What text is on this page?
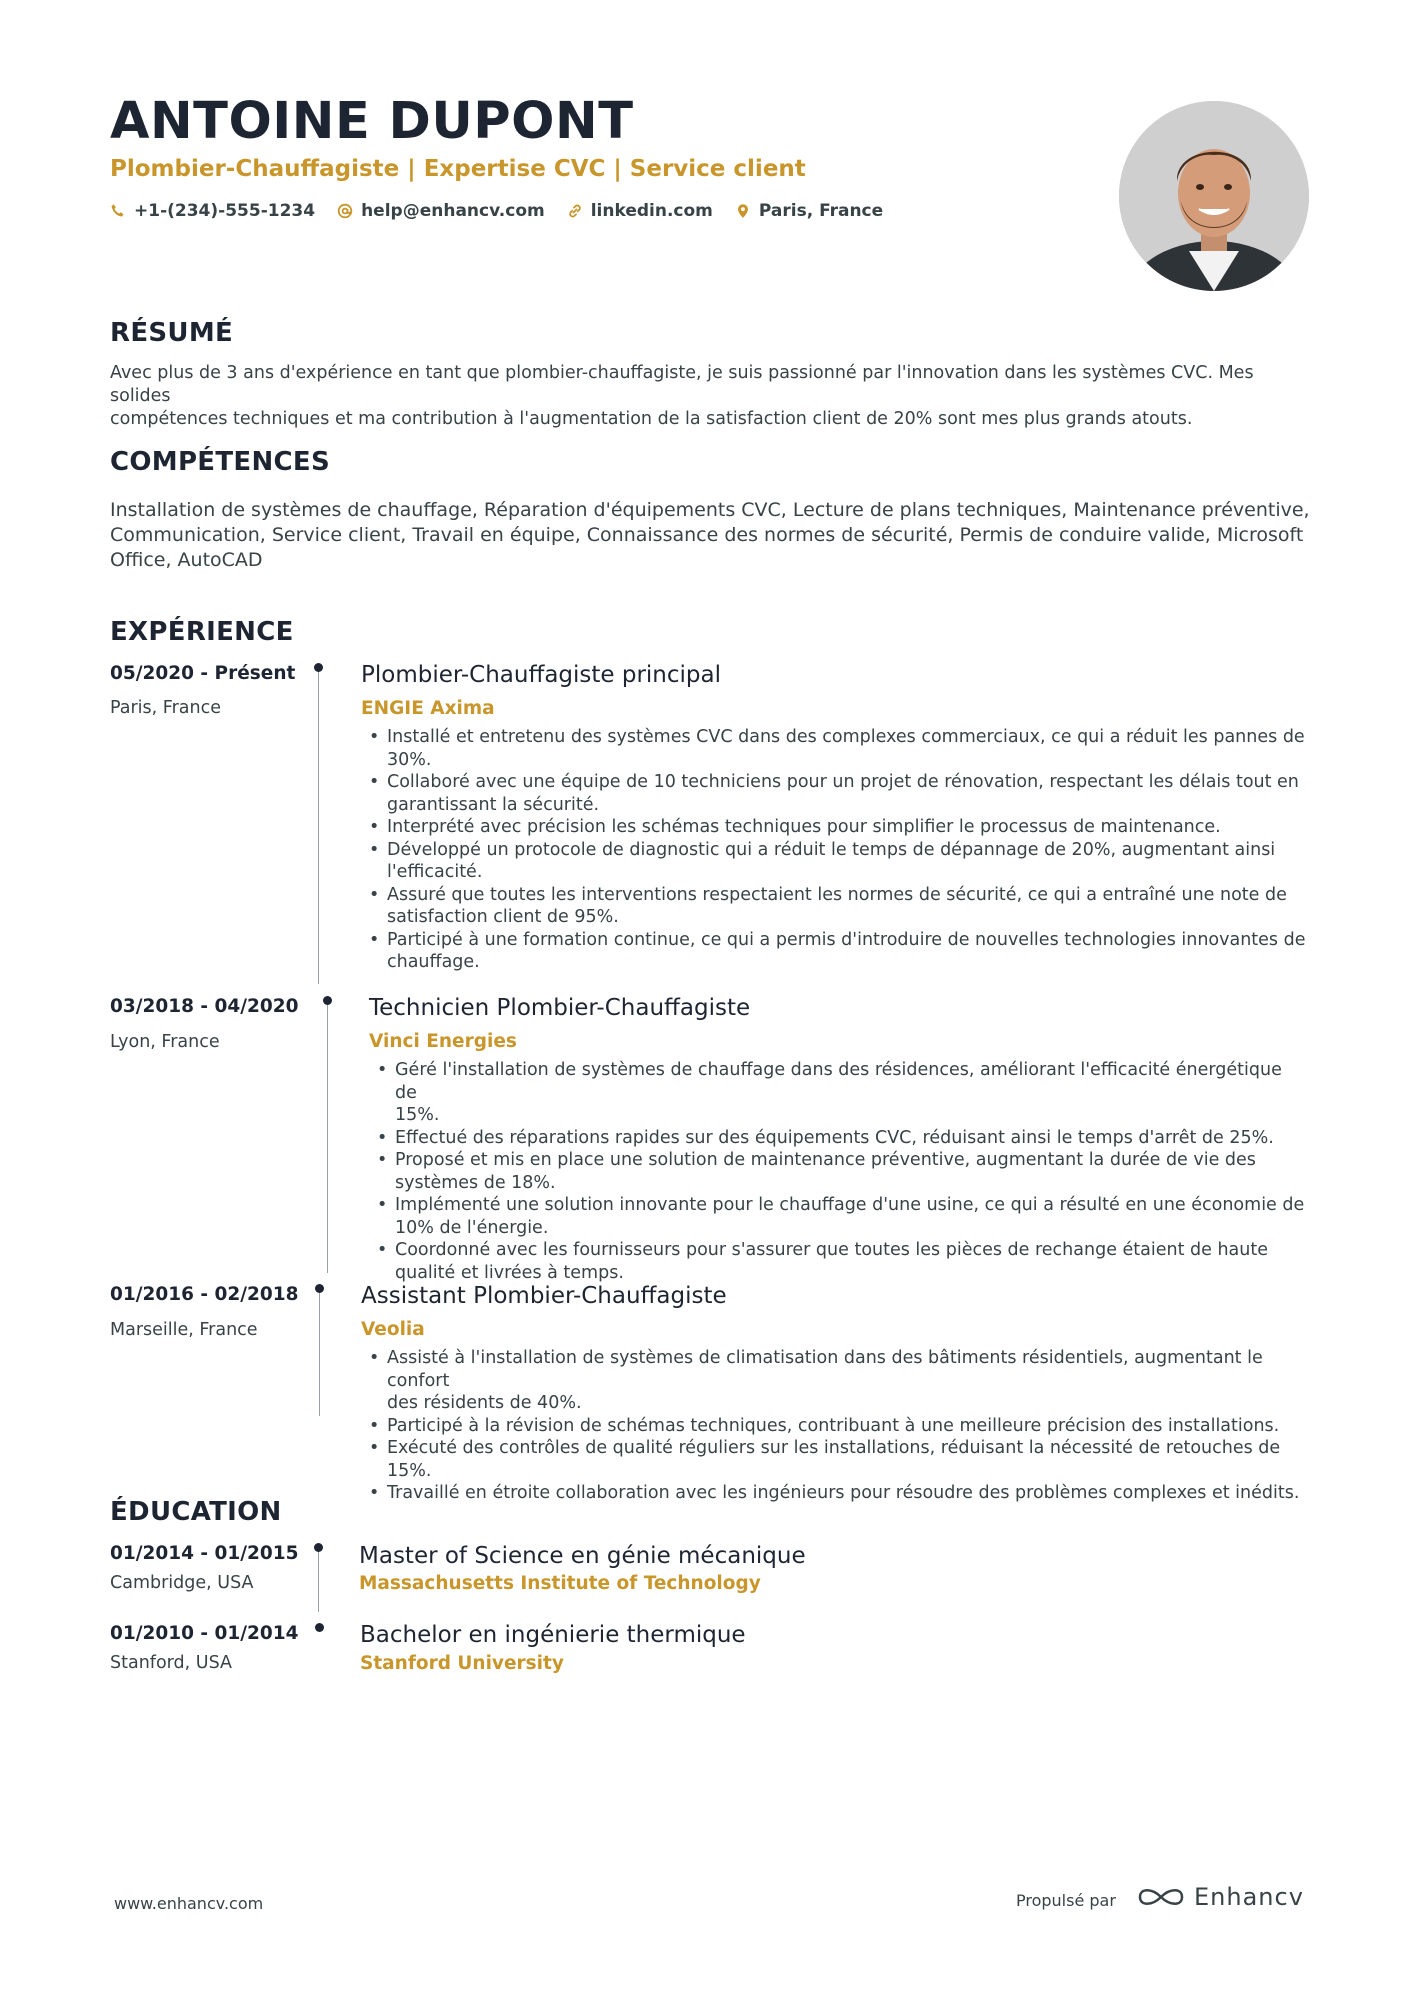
ANTOINE DUPONT
Plombier-Chauffagiste | Expertise CVC | Service client
+1-(234)-555-1234	help@enhancv.com	linkedin.com	Paris, France
RÉSUMÉ
Avec plus de 3 ans d'expérience en tant que plombier-chauffagiste, je suis passionné par l'innovation dans les systèmes CVC. Mes solides
compétences techniques et ma contribution à l'augmentation de la satisfaction client de 20% sont mes plus grands atouts.
COMPÉTENCES
Installation de systèmes de chauffage, Réparation d'équipements CVC, Lecture de plans techniques, Maintenance préventive,
Communication, Service client, Travail en équipe, Connaissance des normes de sécurité, Permis de conduire valide, Microsoft
Office, AutoCAD
EXPÉRIENCE
05/2020 - Présent
Paris, France
Plombier-Chauffagiste principal
ENGIE Axima
• Installé et entretenu des systèmes CVC dans des complexes commerciaux, ce qui a réduit les pannes de
30%.
• Collaboré avec une équipe de 10 techniciens pour un projet de rénovation, respectant les délais tout en
garantissant la sécurité.
• Interprété avec précision les schémas techniques pour simplifier le processus de maintenance.
• Développé un protocole de diagnostic qui a réduit le temps de dépannage de 20%, augmentant ainsi
l'efficacité.
• Assuré que toutes les interventions respectaient les normes de sécurité, ce qui a entraîné une note de
satisfaction client de 95%.
• Participé à une formation continue, ce qui a permis d'introduire de nouvelles technologies innovantes de
chauffage.
03/2018 - 04/2020
Lyon, France
Technicien Plombier-Chauffagiste
Vinci Energies
• Géré l'installation de systèmes de chauffage dans des résidences, améliorant l'efficacité énergétique de
15%.
• Effectué des réparations rapides sur des équipements CVC, réduisant ainsi le temps d'arrêt de 25%.
• Proposé et mis en place une solution de maintenance préventive, augmentant la durée de vie des
systèmes de 18%.
• Implémenté une solution innovante pour le chauffage d'une usine, ce qui a résulté en une économie de
10% de l'énergie.
• Coordonné avec les fournisseurs pour s'assurer que toutes les pièces de rechange étaient de haute
qualité et livrées à temps.
01/2016 - 02/2018
Marseille, France
Assistant Plombier-Chauffagiste
Veolia
• Assisté à l'installation de systèmes de climatisation dans des bâtiments résidentiels, augmentant le confort
des résidents de 40%.
• Participé à la révision de schémas techniques, contribuant à une meilleure précision des installations.
• Exécuté des contrôles de qualité réguliers sur les installations, réduisant la nécessité de retouches de 15%.
• Travaillé en étroite collaboration avec les ingénieurs pour résoudre des problèmes complexes et inédits.
ÉDUCATION
01/2014 - 01/2015
Cambridge, USA
Master of Science en génie mécanique
Massachusetts Institute of Technology
01/2010 - 01/2014
Stanford, USA
Bachelor en ingénierie thermique
Stanford University
www.enhancv.com	Propulsé par	Enhancv
